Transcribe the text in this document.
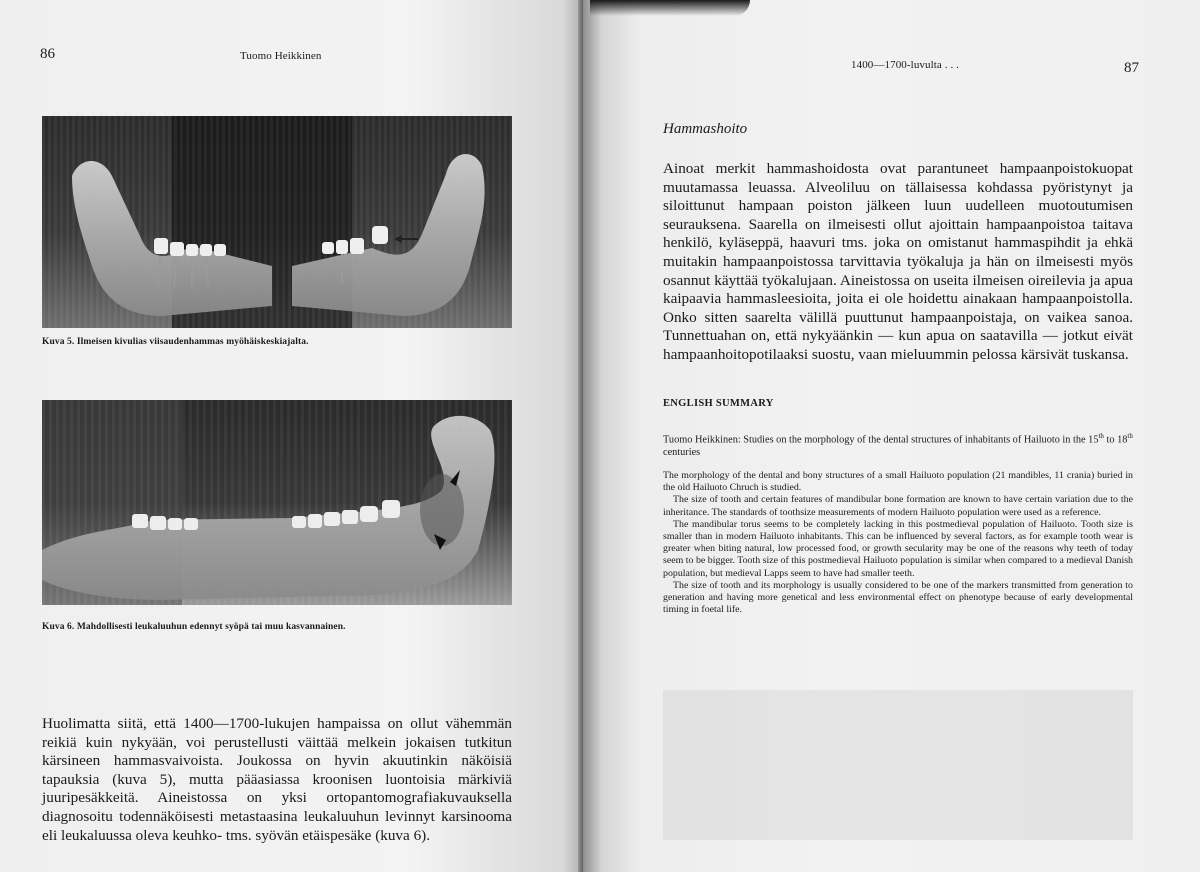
86	Tuomo Heikkinen
Kuva 5. Ilmeisen kivulias viisaudenhammas myöhäiskeskiajalta.
Kuva 6. Mahdollisesti leukaluuhun edennyt syöpä tai muu kasvannainen.

Huolimatta siitä, että 1400—1700-lukujen hampaissa on ollut vähemmän reikiä kuin nykyään, voi perustellusti väittää melkein jokaisen tutkitun kärsineen hammasvaivoista. Joukossa on hyvin akuutinkin näköisiä tapauksia (kuva 5), mutta pääasiassa kroonisen luontoisia märkiviä juuripesäkkeitä. Aineistossa on yksi ortopantomografiakuvauksella diagnosoitu todennäköisesti metastaasina leukaluuhun levinnyt karsinooma eli leukaluussa oleva keuhko- tms. syövän etäispesäke (kuva 6).

1400—1700-luvulta . . .	87
Hammashoito

Ainoat merkit hammashoidosta ovat parantuneet hampaanpoistokuopat muutamassa leuassa. Alveoliluu on tällaisessa kohdassa pyöristynyt ja siloittunut hampaan poiston jälkeen luun uudelleen muotoutumisen seurauksena. Saarella on ilmeisesti ollut ajoittain hampaanpoistoa taitava henkilö, kyläseppä, haavuri tms. joka on omistanut hammaspihdit ja ehkä muitakin hampaanpoistossa tarvittavia työkaluja ja hän on ilmeisesti myös osannut käyttää työkalujaan. Aineistossa on useita ilmeisen oireilevia ja apua kaipaavia hammasleesioita, joita ei ole hoidettu ainakaan hampaanpoistolla. Onko sitten saarelta välillä puuttunut hampaanpoistaja, on vaikea sanoa. Tunnettuahan on, että nykyäänkin — kun apua on saatavilla — jotkut eivät hampaanhoitopotilaaksi suostu, vaan mieluummin pelossa kärsivät tuskansa.

ENGLISH SUMMARY
Tuomo Heikkinen: Studies on the morphology of the dental structures of inhabitants of Hailuoto in the 15th to 18th centuries

The morphology of the dental and bony structures of a small Hailuoto population (21 mandibles, 11 crania) buried in the old Hailuoto Chruch is studied.

The size of tooth and certain features of mandibular bone formation are known to have certain variation due to the inheritance. The standards of toothsize measurements of modern Hailuoto population were used as a reference.

The mandibular torus seems to be completely lacking in this postmedieval population of Hailuoto. Tooth size is smaller than in modern Hailuoto inhabitants. This can be influenced by several factors, as for example tooth wear is greater when biting natural, low processed food, or growth secularity may be one of the reasons why teeth of today seem to be bigger. Tooth size of this postmedieval Hailuoto population is similar when compared to a medieval Danish population, but medieval Lapps seem to have had smaller teeth.

The size of tooth and its morphology is usually considered to be one of the markers transmitted from generation to generation and having more genetical and less environmental effect on phenotype because of early developmental timing in foetal life.
